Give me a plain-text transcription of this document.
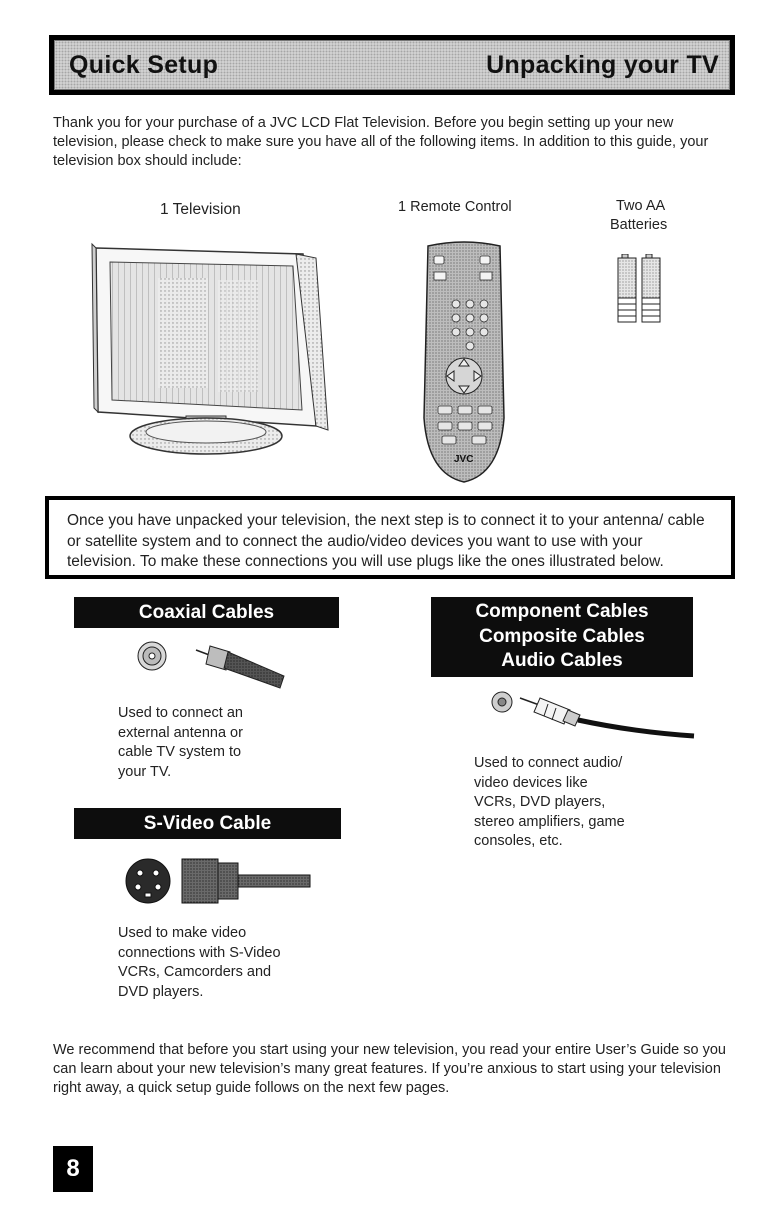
Quick Setup	Unpacking your TV
Thank you for your purchase of a JVC LCD Flat Television. Before you begin setting up your new television, please check to make sure you have all of the following items. In addition to this guide, your television box should include:
1 Television	1 Remote Control	Two AA
Batteries
JVC
Once you have unpacked your television, the next step is to connect it to your antenna/ cable or satellite system and to connect the audio/video devices you want to use with your television. To make these connections you will use plugs like the ones illustrated below.
Coaxial Cables
Used to connect an
external antenna or
cable TV system to
your TV.
Component Cables
Composite Cables
Audio Cables
Used to connect audio/
video devices like
VCRs, DVD players,
stereo amplifiers, game
consoles, etc.
S-Video Cable
Used to make video
connections with S-Video
VCRs, Camcorders and
DVD players.
We recommend that before you start using your new television, you read your entire User’s Guide so you can learn about your new television’s many great features. If you’re anxious to start using your television right away, a quick setup guide follows on the next few pages.
8
